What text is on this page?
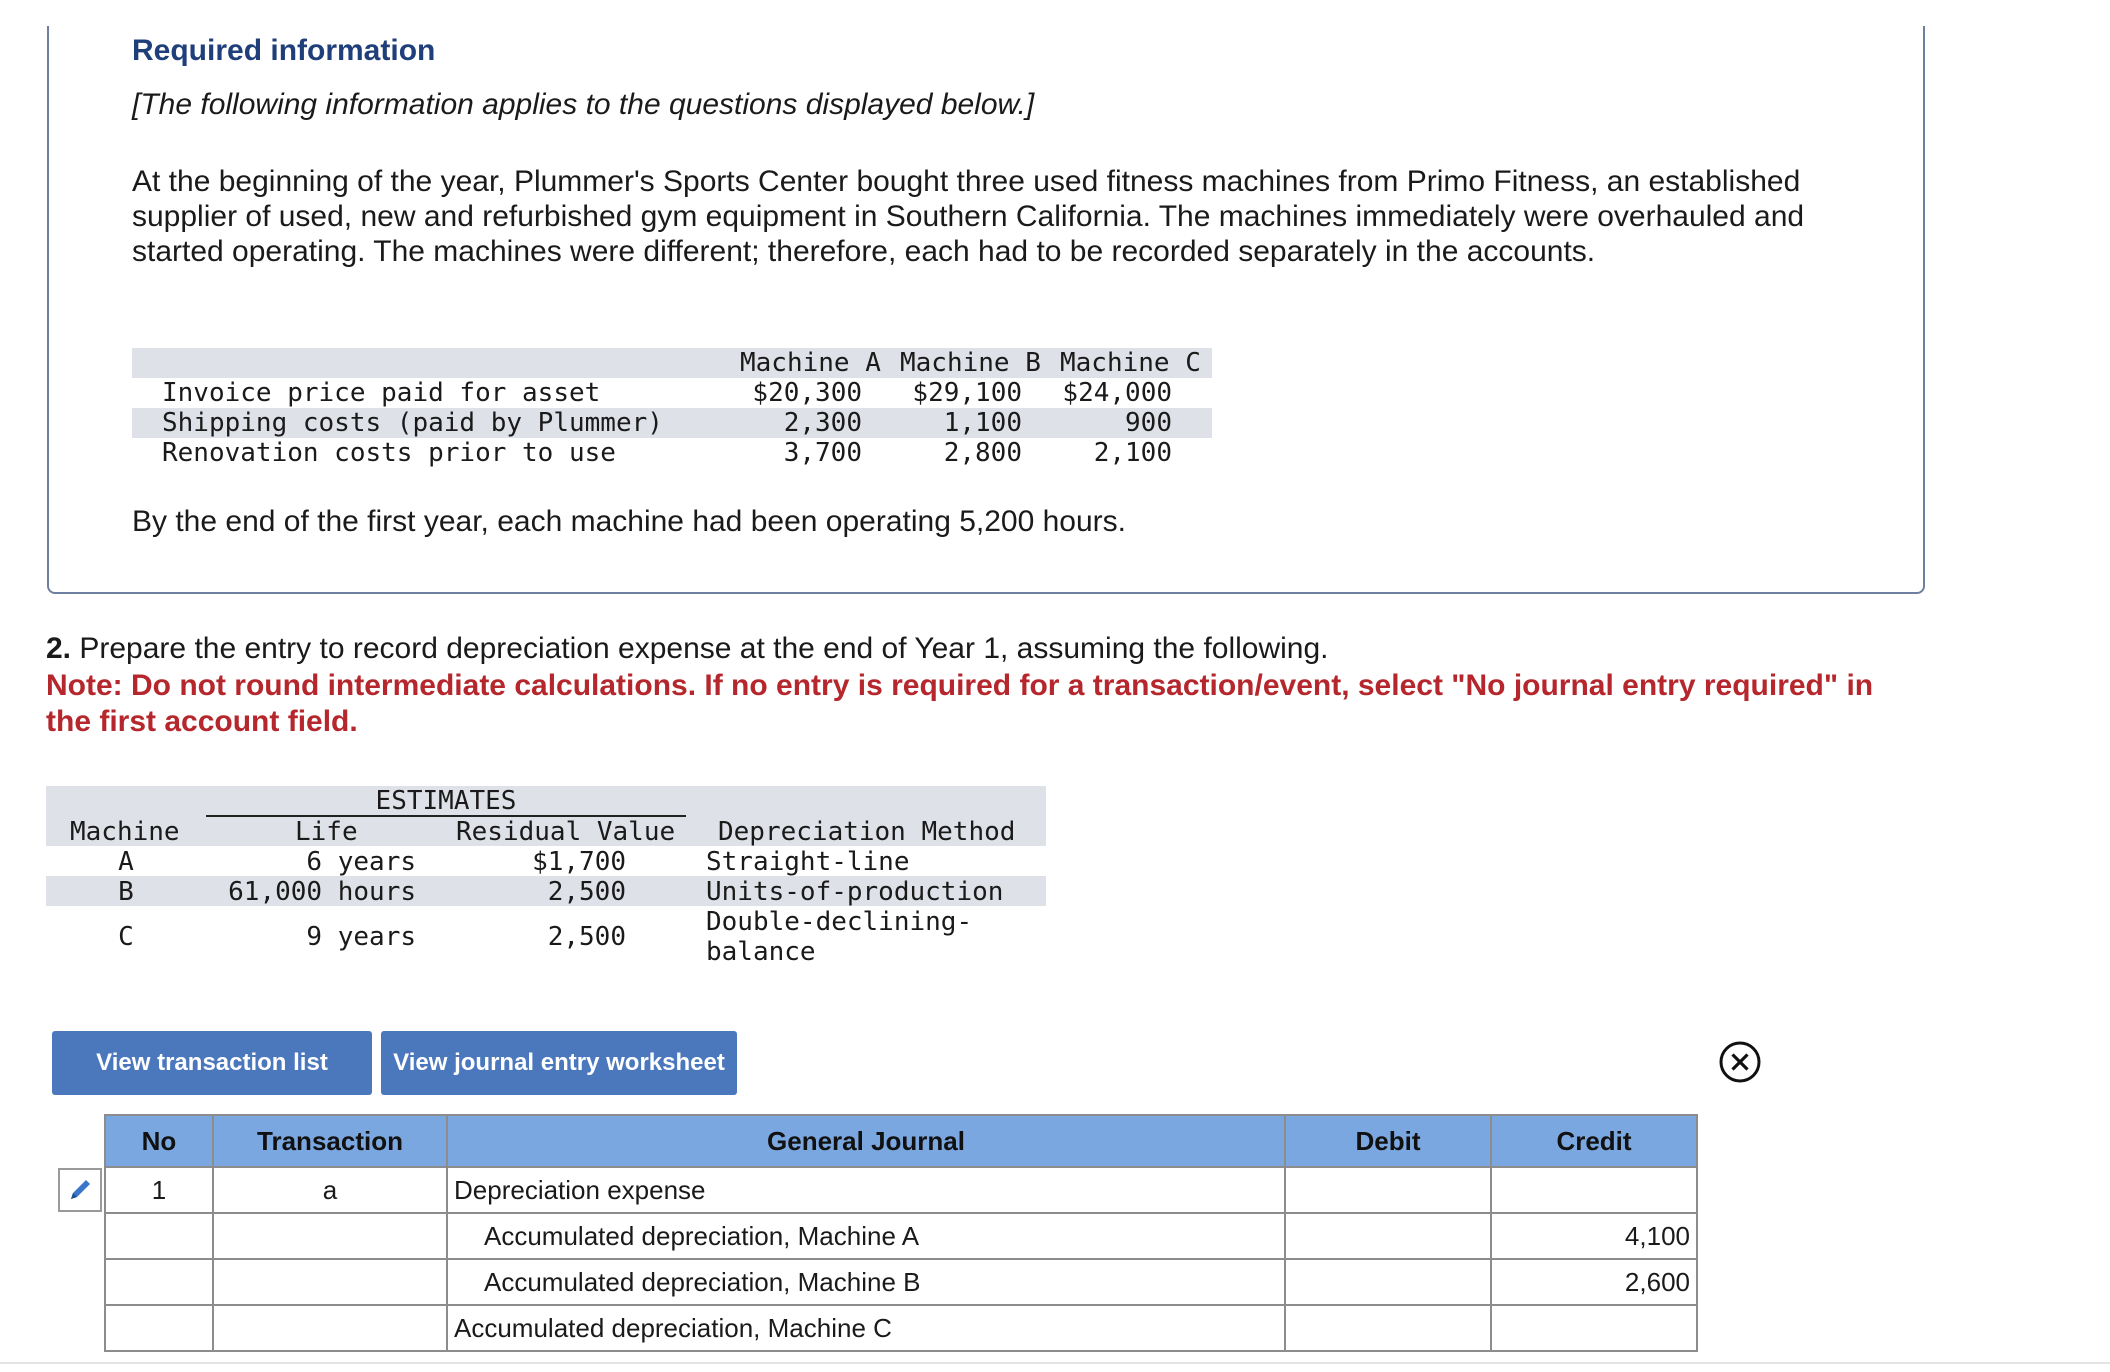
Required information
[The following information applies to the questions displayed below.]
At the beginning of the year, Plummer's Sports Center bought three used fitness machines from Primo Fitness, an established supplier of used, new and refurbished gym equipment in Southern California. The machines immediately were overhauled and started operating. The machines were different; therefore, each had to be recorded separately in the accounts.
Machine A Machine B Machine C
Invoice price paid for asset	$20,300	$29,100	$24,000
Shipping costs (paid by Plummer)	2,300	1,100	900
Renovation costs prior to use	3,700	2,800	2,100
By the end of the first year, each machine had been operating 5,200 hours.
2. Prepare the entry to record depreciation expense at the end of Year 1, assuming the following.
Note: Do not round intermediate calculations. If no entry is required for a transaction/event, select "No journal entry required" in the first account field.
ESTIMATES
Machine	Life	Residual Value Depreciation Method
A	6 years	$1,700	Straight-line
B	61,000 hours	2,500	Units-of-production
C	9 years	2,500	Double-declining-
balance
View transaction list	View journal entry worksheet
No	Transaction	General Journal	Debit	Credit
1	a	Depreciation expense		
		Accumulated depreciation, Machine A		4,100
		Accumulated depreciation, Machine B		2,600
		Accumulated depreciation, Machine C		
